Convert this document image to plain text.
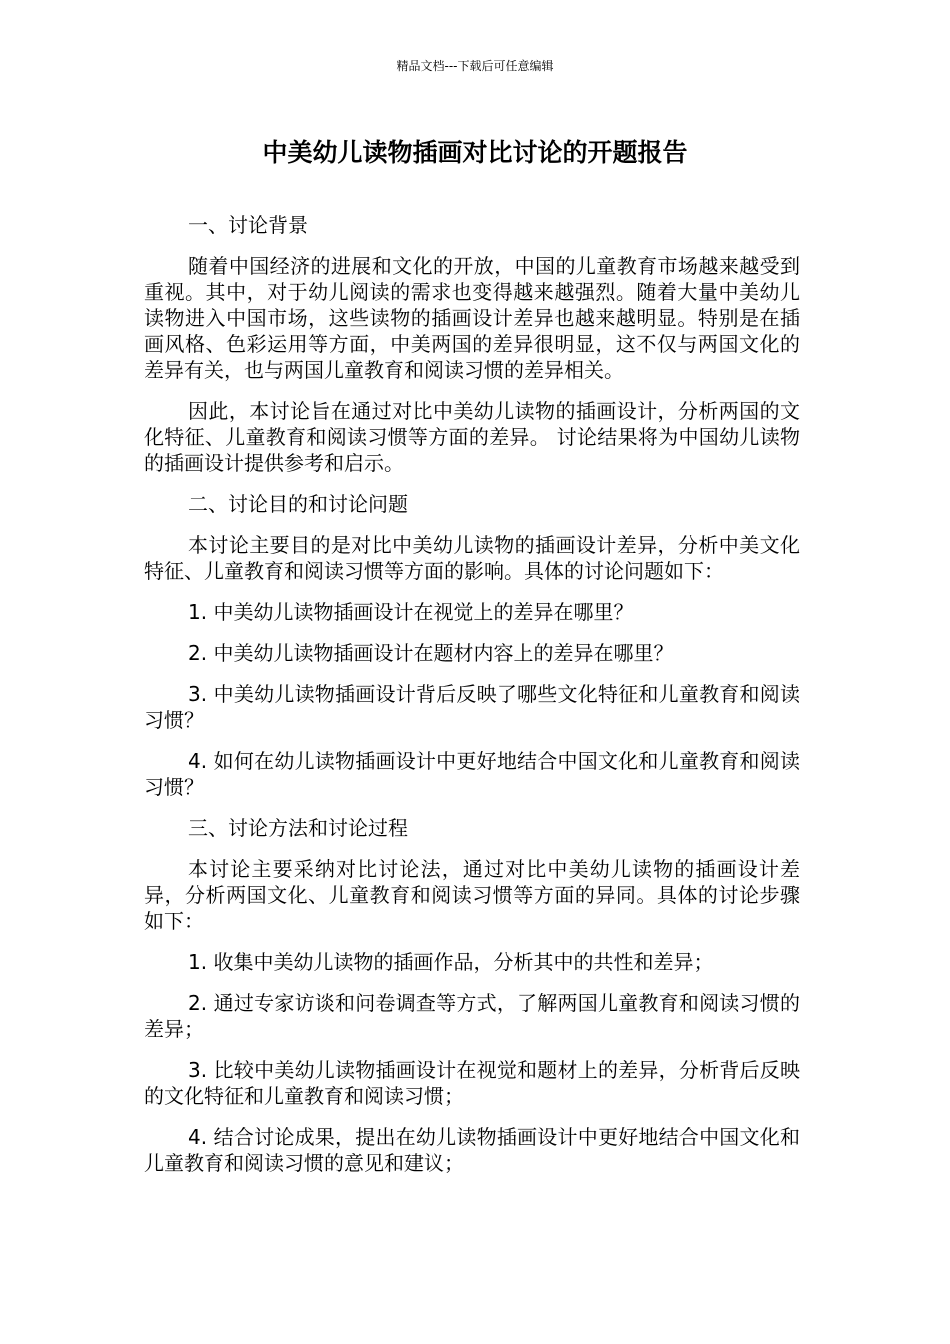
精品文档---下载后可任意编辑
中美幼儿读物插画对比讨论的开题报告

一、讨论背景

随着中国经济的进展和文化的开放，中国的儿童教育市场越来越受到重视。其中，对于幼儿阅读的需求也变得越来越强烈。随着大量中美幼儿读物进入中国市场，这些读物的插画设计差异也越来越明显。特别是在插画风格、色彩运用等方面，中美两国的差异很明显，这不仅与两国文化的差异有关，也与两国儿童教育和阅读习惯的差异相关。

因此，本讨论旨在通过对比中美幼儿读物的插画设计，分析两国的文化特征、儿童教育和阅读习惯等方面的差异。 讨论结果将为中国幼儿读物的插画设计提供参考和启示。

二、讨论目的和讨论问题

本讨论主要目的是对比中美幼儿读物的插画设计差异，分析中美文化特征、儿童教育和阅读习惯等方面的影响。具体的讨论问题如下：

1. 中美幼儿读物插画设计在视觉上的差异在哪里？

2. 中美幼儿读物插画设计在题材内容上的差异在哪里？

3. 中美幼儿读物插画设计背后反映了哪些文化特征和儿童教育和阅读习惯？

4. 如何在幼儿读物插画设计中更好地结合中国文化和儿童教育和阅读习惯？

三、讨论方法和讨论过程

本讨论主要采纳对比讨论法，通过对比中美幼儿读物的插画设计差异，分析两国文化、儿童教育和阅读习惯等方面的异同。具体的讨论步骤如下：

1. 收集中美幼儿读物的插画作品，分析其中的共性和差异；

2. 通过专家访谈和问卷调查等方式，了解两国儿童教育和阅读习惯的差异；

3. 比较中美幼儿读物插画设计在视觉和题材上的差异，分析背后反映的文化特征和儿童教育和阅读习惯；

4. 结合讨论成果，提出在幼儿读物插画设计中更好地结合中国文化和儿童教育和阅读习惯的意见和建议；
